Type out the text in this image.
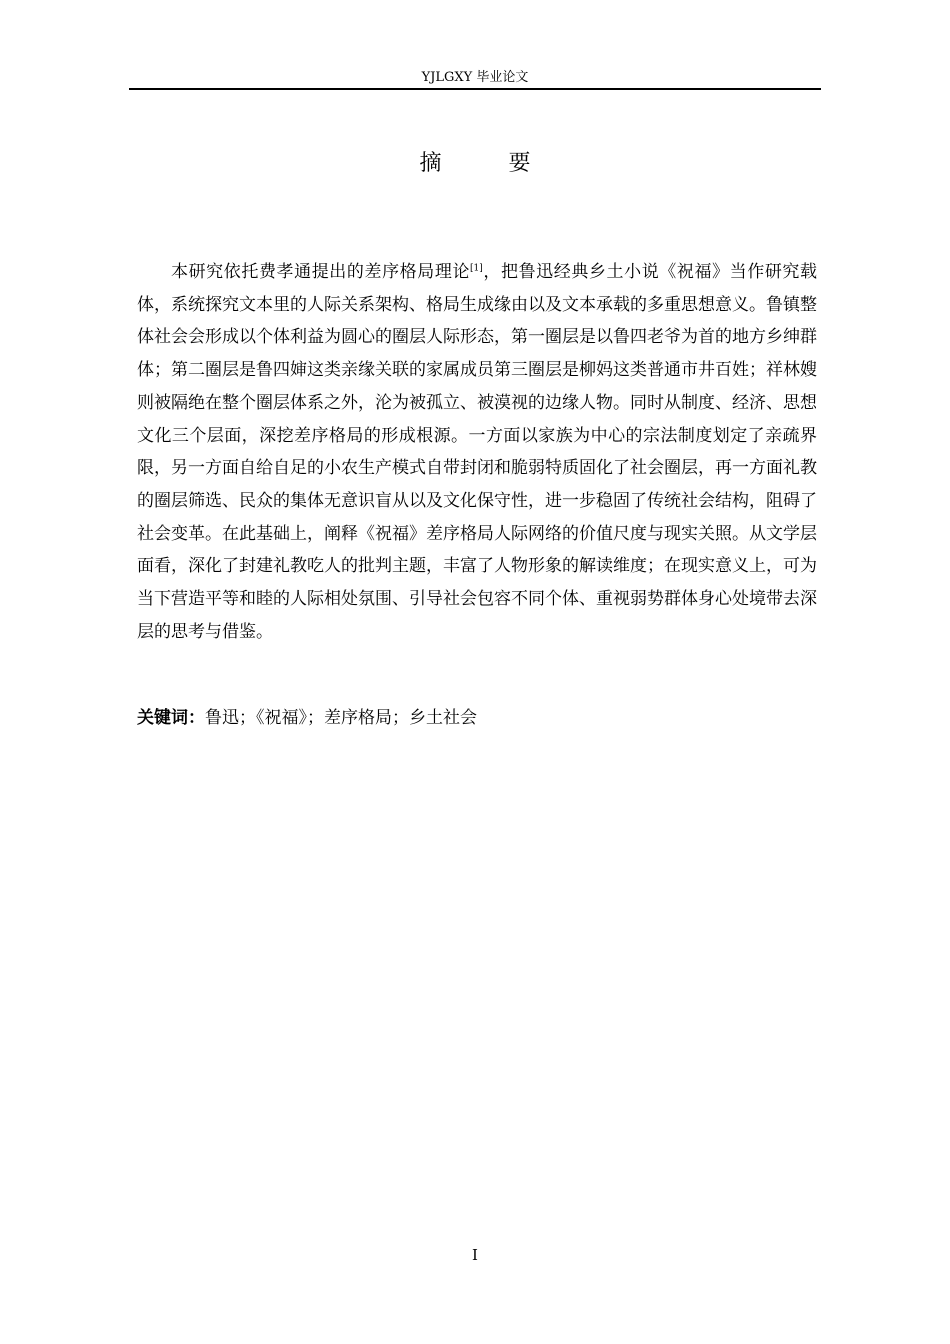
YJLGXY 毕业论文
摘 要

本研究依托费孝通提出的差序格局理论[1]，把鲁迅经典乡土小说《祝福》当作研究载体，系统探究文本里的人际关系架构、格局生成缘由以及文本承载的多重思想意义。鲁镇整体社会会形成以个体利益为圆心的圈层人际形态，第一圈层是以鲁四老爷为首的地方乡绅群体；第二圈层是鲁四婶这类亲缘关联的家属成员第三圈层是柳妈这类普通市井百姓；祥林嫂则被隔绝在整个圈层体系之外，沦为被孤立、被漠视的边缘人物。同时从制度、经济、思想文化三个层面，深挖差序格局的形成根源。一方面以家族为中心的宗法制度划定了亲疏界限，另一方面自给自足的小农生产模式自带封闭和脆弱特质固化了社会圈层，再一方面礼教的圈层筛选、民众的集体无意识盲从以及文化保守性，进一步稳固了传统社会结构，阻碍了社会变革。在此基础上，阐释《祝福》差序格局人际网络的价值尺度与现实关照。从文学层面看，深化了封建礼教吃人的批判主题，丰富了人物形象的解读维度；在现实意义上，可为当下营造平等和睦的人际相处氛围、引导社会包容不同个体、重视弱势群体身心处境带去深层的思考与借鉴。

关键词：鲁迅；《祝福》；差序格局；乡土社会
I
